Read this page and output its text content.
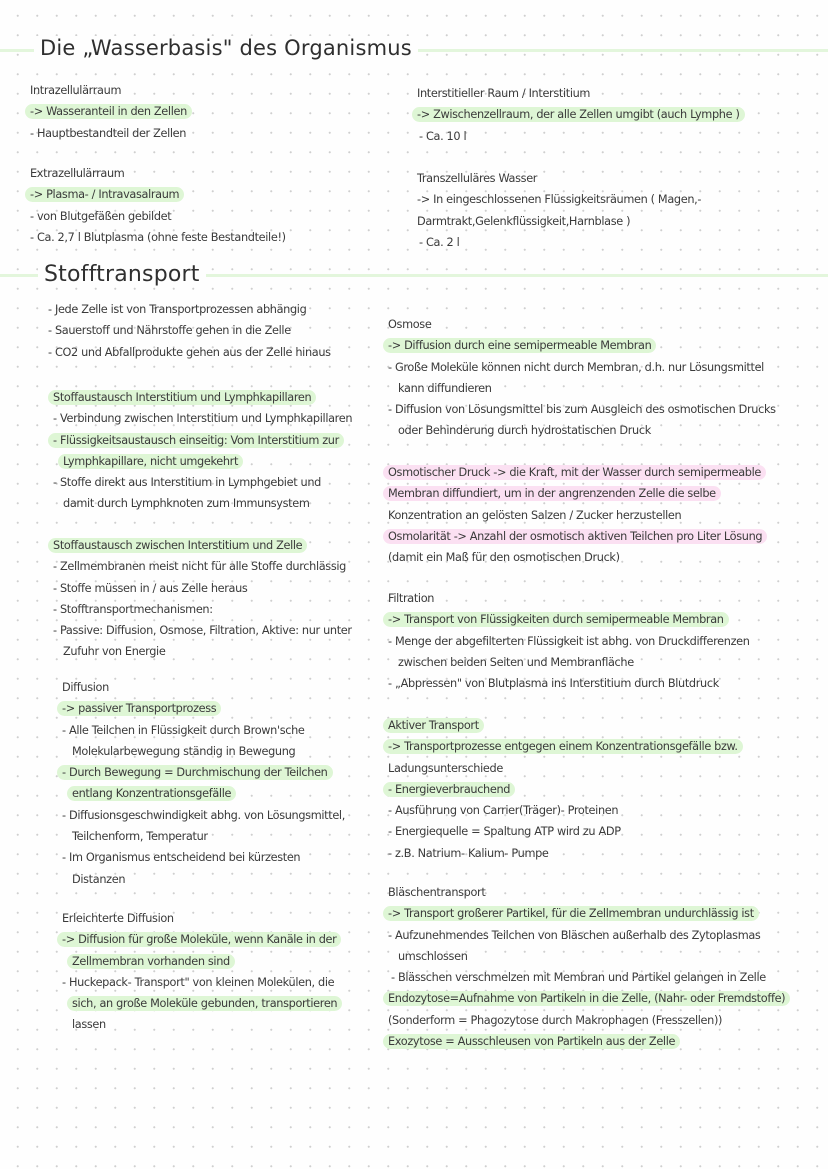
Die „Wasserbasis" des Organismus
Stofftransport
Intrazellulärraum
-> Wasseranteil in den Zellen
- Hauptbestandteil der Zellen
Extrazellulärraum
-> Plasma- / Intravasalraum
- von Blutgefäßen gebildet
- Ca. 2,7 l Blutplasma (ohne feste Bestandteile!)
Interstitieller Raum / Interstitium
-> Zwischenzellraum, der alle Zellen umgibt (auch Lymphe )
- Ca. 10 l
Transzelluläres Wasser
-> In eingeschlossenen Flüssigkeitsräumen ( Magen,-
Darmtrakt,Gelenkflüssigkeit,Harnblase )
- Ca. 2 l
- Jede Zelle ist von Transportprozessen abhängig
- Sauerstoff und Nährstoffe gehen in die Zelle
- CO2 und Abfallprodukte gehen aus der Zelle hinaus
Stoffaustausch Interstitium und Lymphkapillaren
- Verbindung zwischen Interstitium und Lymphkapillaren
- Flüssigkeitsaustausch einseitig: Vom Interstitium zur
Lymphkapillare, nicht umgekehrt
- Stoffe direkt aus Interstitium in Lymphgebiet und
damit durch Lymphknoten zum Immunsystem
Stoffaustausch zwischen Interstitium und Zelle
- Zellmembranen meist nicht für alle Stoffe durchlässig
- Stoffe müssen in / aus Zelle heraus
- Stofftransportmechanismen:
- Passive: Diffusion, Osmose, Filtration, Aktive: nur unter
Zufuhr von Energie
Diffusion
-> passiver Transportprozess
- Alle Teilchen in Flüssigkeit durch Brown'sche
Molekularbewegung ständig in Bewegung
- Durch Bewegung = Durchmischung der Teilchen
entlang Konzentrationsgefälle
- Diffusionsgeschwindigkeit abhg. von Lösungsmittel,
Teilchenform, Temperatur
- Im Organismus entscheidend bei kürzesten
Distanzen
Erleichterte Diffusion
-> Diffusion für große Moleküle, wenn Kanäle in der
Zellmembran vorhanden sind
- Huckepack- Transport" von kleinen Molekülen, die
sich, an große Moleküle gebunden, transportieren
lassen
Osmose
-> Diffusion durch eine semipermeable Membran
- Große Moleküle können nicht durch Membran, d.h. nur Lösungsmittel
kann diffundieren
- Diffusion von Lösungsmittel bis zum Ausgleich des osmotischen Drucks
oder Behinderung durch hydrostatischen Druck
Osmotischer Druck -> die Kraft, mit der Wasser durch semipermeable
Membran diffundiert, um in der angrenzenden Zelle die selbe
Konzentration an gelösten Salzen / Zucker herzustellen
Osmolarität -> Anzahl der osmotisch aktiven Teilchen pro Liter Lösung
(damit ein Maß für den osmotischen Druck)
Filtration
-> Transport von Flüssigkeiten durch semipermeable Membran
- Menge der abgefilterten Flüssigkeit ist abhg. von Druckdifferenzen
zwischen beiden Seiten und Membranfläche
- „Abpressen" von Blutplasma ins Interstitium durch Blutdruck
Aktiver Transport
-> Transportprozesse entgegen einem Konzentrationsgefälle bzw.
Ladungsunterschiede
- Energieverbrauchend
- Ausführung von Carrier(Träger)- Proteinen
- Energiequelle = Spaltung ATP wird zu ADP
- z.B. Natrium- Kalium- Pumpe
Bläschentransport
-> Transport großerer Partikel, für die Zellmembran undurchlässig ist
- Aufzunehmendes Teilchen von Bläschen außerhalb des Zytoplasmas
umschlossen
- Blässchen verschmelzen mit Membran und Partikel gelangen in Zelle
Endozytose=Aufnahme von Partikeln in die Zelle, (Nahr- oder Fremdstoffe)
(Sonderform = Phagozytose durch Makrophagen (Fresszellen))
Exozytose = Ausschleusen von Partikeln aus der Zelle
